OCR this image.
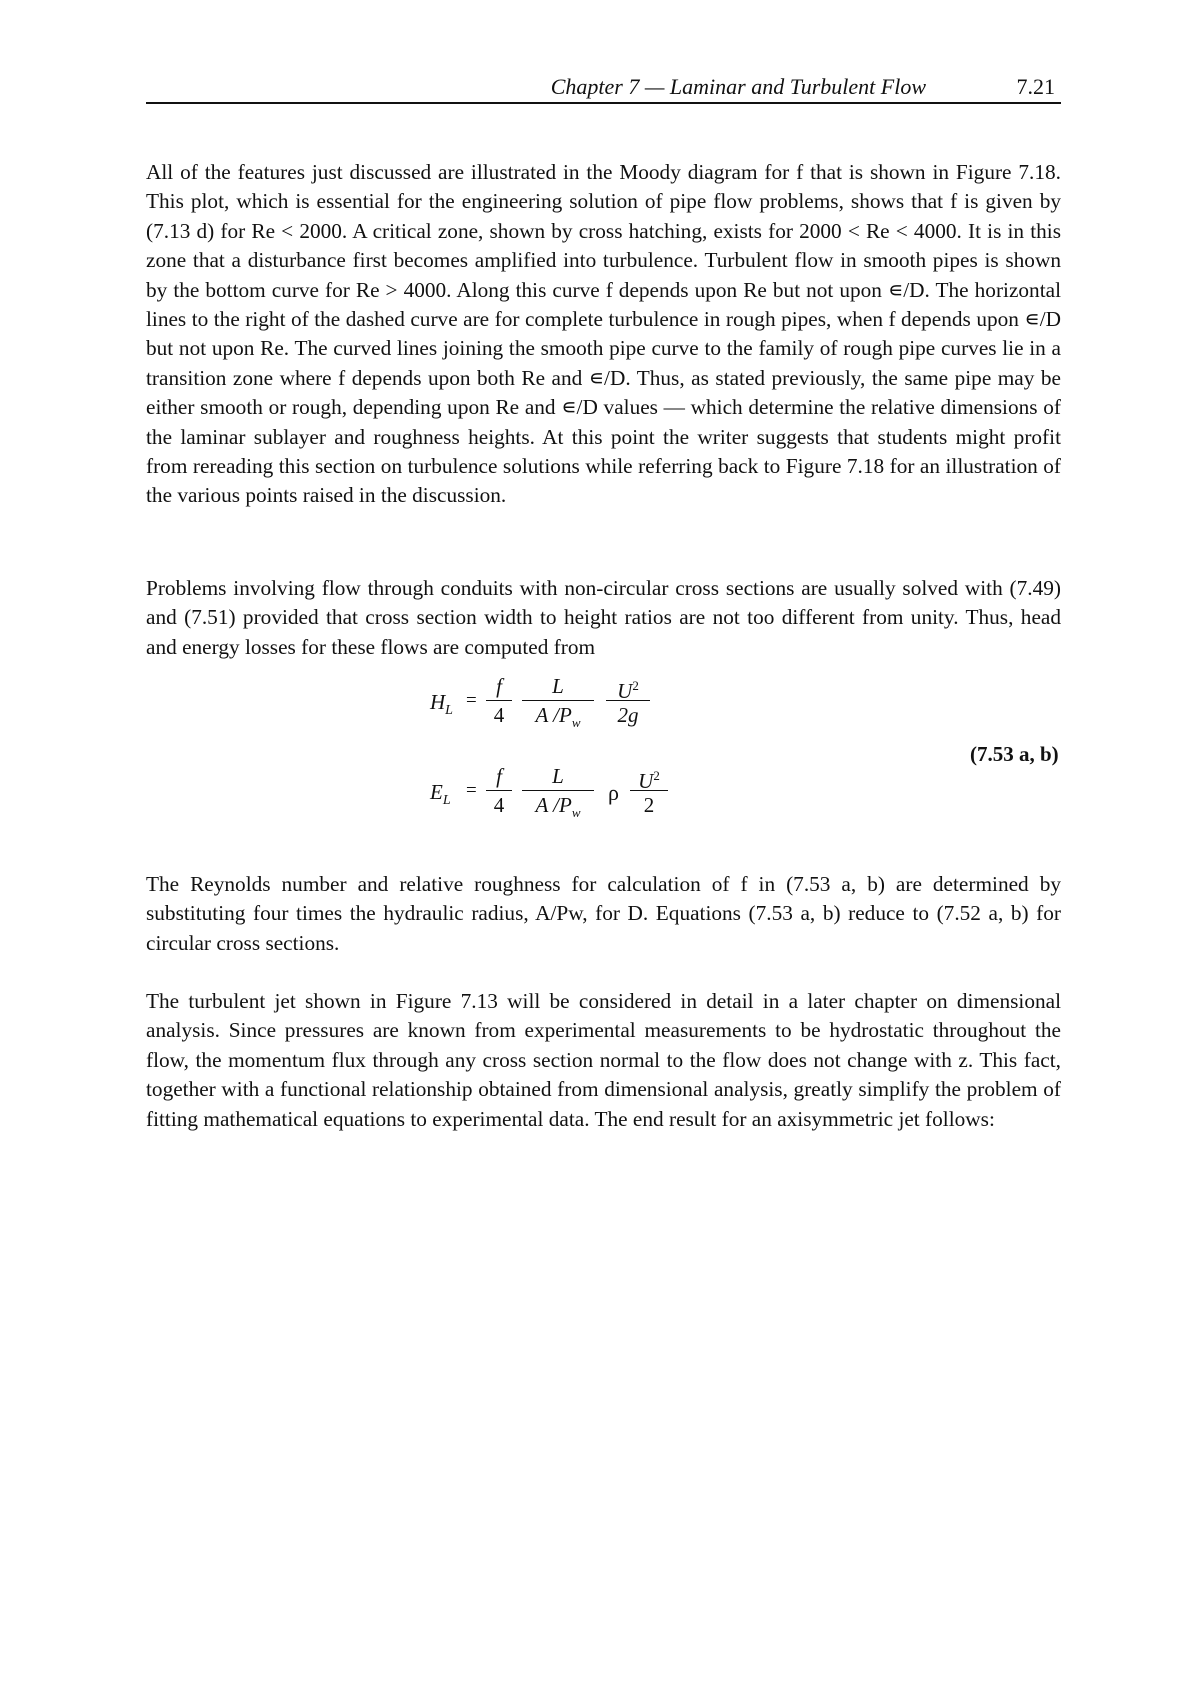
Chapter 7 — Laminar and Turbulent Flow	7.21
All of the features just discussed are illustrated in the Moody diagram for f that is shown in Figure 7.18. This plot, which is essential for the engineering solution of pipe flow problems, shows that f is given by (7.13 d) for Re < 2000. A critical zone, shown by cross hatching, exists for 2000 < Re < 4000. It is in this zone that a disturbance first becomes amplified into turbulence. Turbulent flow in smooth pipes is shown by the bottom curve for Re > 4000. Along this curve f depends upon Re but not upon ∊/D. The horizontal lines to the right of the dashed curve are for complete turbulence in rough pipes, when f depends upon ∊/D but not upon Re. The curved lines joining the smooth pipe curve to the family of rough pipe curves lie in a transition zone where f depends upon both Re and ∊/D. Thus, as stated previously, the same pipe may be either smooth or rough, depending upon Re and ∊/D values — which determine the relative dimensions of the laminar sublayer and roughness heights. At this point the writer suggests that students might profit from rereading this section on turbulence solutions while referring back to Figure 7.18 for an illustration of the various points raised in the discussion.
Problems involving flow through conduits with non-circular cross sections are usually solved with (7.49) and (7.51) provided that cross section width to height ratios are not too different from unity. Thus, head and energy losses for these flows are computed from
$H_L$ =
f
4
L
A $/P_w$
$U^2$
2g
$E_L$ =
f
4
L
A $/P_w$
ρ $U^2$
2
(7.53 a, b)
The Reynolds number and relative roughness for calculation of f in (7.53 a, b) are determined by substituting four times the hydraulic radius, A/Pw, for D. Equations (7.53 a, b) reduce to (7.52 a, b) for circular cross sections.
The turbulent jet shown in Figure 7.13 will be considered in detail in a later chapter on dimensional analysis. Since pressures are known from experimental measurements to be hydrostatic throughout the flow, the momentum flux through any cross section normal to the flow does not change with z. This fact, together with a functional relationship obtained from dimensional analysis, greatly simplify the problem of fitting mathematical equations to experimental data. The end result for an axisymmetric jet follows:
